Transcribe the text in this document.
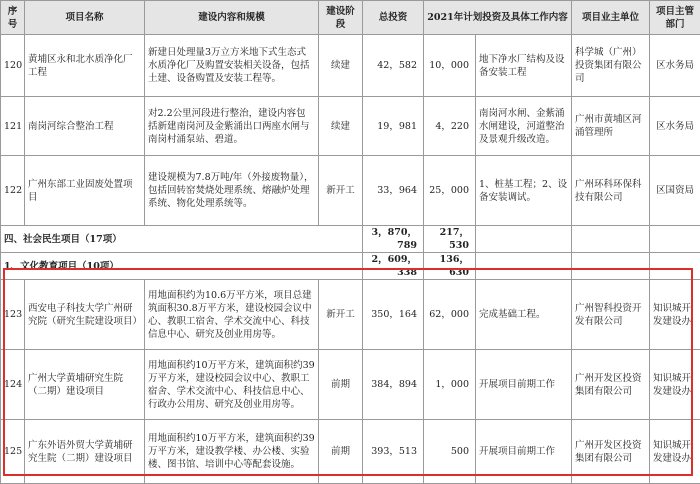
序号	项目名称	建设内容和规模	建设阶段	总投资	2021年计划投资及具体工作内容		项目业主单位	项目主管部门
120	黄埔区永和北水质净化厂工程	新建日处理量3万立方米地下式生态式水质净化厂及购置安装相关设备，包括土建、设备购置及安装工程等。	续建	42，582	10，000	地下净水厂结构及设备安装工程	科学城（广州）投资集团有限公司	区水务局
121	南岗河综合整治工程	对2.2公里河段进行整治，建设内容包括新建南岗河及金紫涌出口两座水闸与南岗村涌泵站、碧道。	续建	19，981	4，220	南岗河水闸、金紫涌水闸建设，河道整治及景观升级改造。	广州市黄埔区河涌管理所	区水务局
122	广州东部工业固废处置项目	建设规模为7.8万吨/年（外接废物量），包括回转窑焚烧处理系统、熔融炉处理系统、物化处理系统等。	新开工	33，964	25，000	1、桩基工程；2、设备安装调试。	广州环科环保科技有限公司	区国资局
四、社会民生项目（17项）				3，870，789	217，530			
1、文化教育项目（10项）				2，609，338	136，630			
123	西安电子科技大学广州研究院（研究生院建设项目）	用地面积约为10.6万平方米，项目总建筑面积30.8万平方米，建设校园会议中心、教职工宿舍、学术交流中心、科技信息中心、研究及创业用房等。	新开工	350，164	62，000	完成基础工程。	广州智科投资开发有限公司	知识城开发建设办
124	广州大学黄埔研究生院（二期）建设项目	用地面积约10万平方米，建筑面积约39万平方米，建设校园会议中心、教职工宿舍、学术交流中心、科技信息中心、行政办公用房、研究及创业用房等。	前期	384，894	1，000	开展项目前期工作	广州开发区投资集团有限公司	知识城开发建设办
125	广东外语外贸大学黄埔研究生院（二期）建设项目	用地面积约10万平方米，建筑面积约39万平方米，建设教学楼、办公楼、实验楼、图书馆、培训中心等配套设施。	前期	393，513	500	开展项目前期工作	广州开发区投资集团有限公司	知识城开发建设办
